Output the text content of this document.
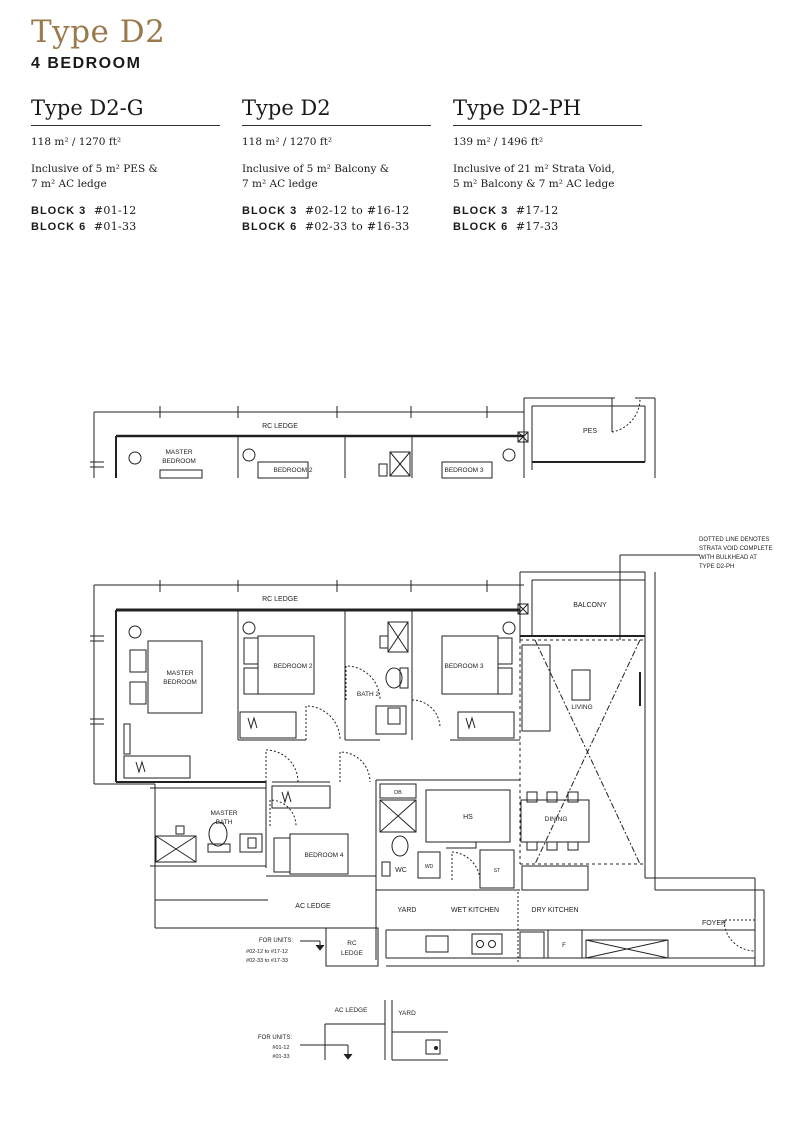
Type D2
4 BEDROOM
Type D2-G
118 m² / 1270 ft²
Inclusive of 5 m² PES &
7 m² AC ledge
BLOCK 3 #01-12
BLOCK 6 #01-33
Type D2
118 m² / 1270 ft²
Inclusive of 5 m² Balcony &
7 m² AC ledge
BLOCK 3 #02-12 to #16-12
BLOCK 6 #02-33 to #16-33
Type D2-PH
139 m² / 1496 ft²
Inclusive of 21 m² Strata Void,
5 m² Balcony & 7 m² AC ledge
BLOCK 3 #17-12
BLOCK 6 #17-33
RC LEDGE
PES
MASTER
BEDROOM
BEDROOM 2	BEDROOM 3
RC LEDGE
BALCONY
MASTER
BEDROOM
BEDROOM 2	BEDROOM 3
BATH 2
LIVING
MASTER
BATH
DB
HS	DINING
BEDROOM 4
WD
WC	ST
AC LEDGE
YARD	WET KITCHEN	DRY KITCHEN
FOYER
F
RC
LEDGE
FOR UNITS:
#02-12 to #17-12
#02-33 to #17-33
DOTTED LINE DENOTES
STRATA VOID COMPLETE
WITH BULKHEAD AT
TYPE D2-PH
AC LEDGE	YARD
FOR UNITS:
#01-12
#01-33
